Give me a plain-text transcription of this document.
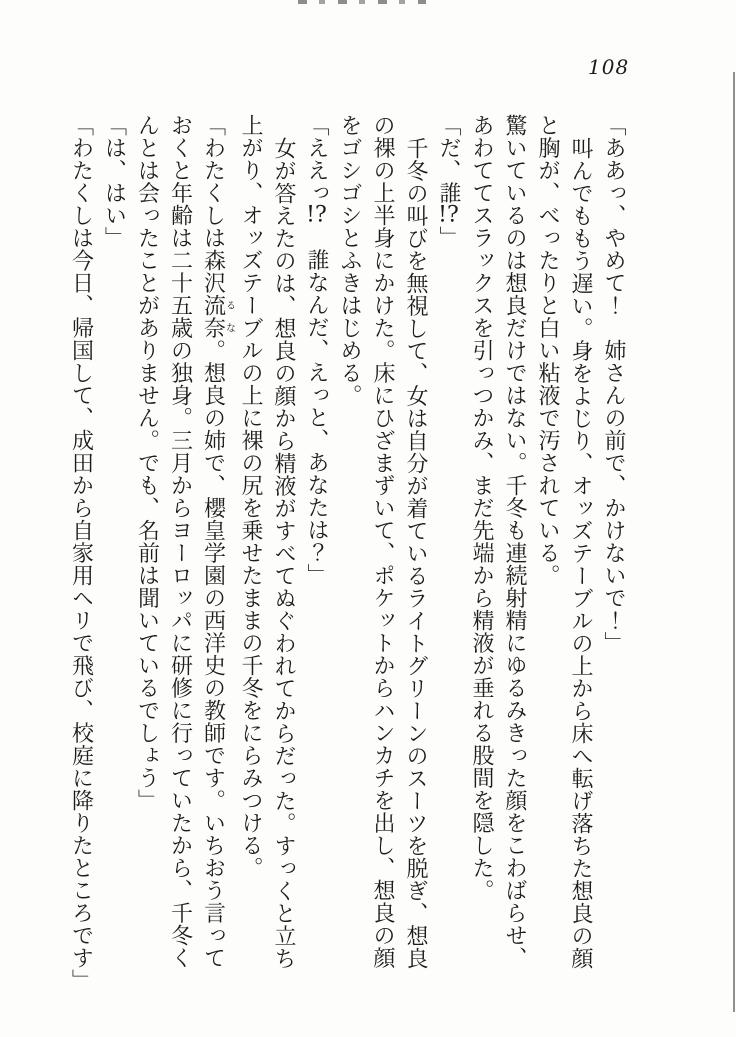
108

「ああっ、やめて！　姉さんの前で、かけないで！」

叫んでももう遅い。身をよじり、オッズテーブルの上から床へ転げ落ちた想良の顔

と胸が、べったりと白い粘液で汚されている。

驚いているのは想良だけではない。千冬も連続射精にゆるみきった顔をこわばらせ、

あわててスラックスを引っつかみ、まだ先端から精液が垂れる股間を隠した。

「だ、誰!?」

千冬の叫びを無視して、女は自分が着ているライトグリーンのスーツを脱ぎ、想良

の裸の上半身にかけた。床にひざまずいて、ポケットからハンカチを出し、想良の顔

をゴシゴシとふきはじめる。

「ええっ!?　誰なんだ、えっと、あなたは？」

女が答えたのは、想良の顔から精液がすべてぬぐわれてからだった。すっくと立ち

上がり、オッズテーブルの上に裸の尻を乗せたままの千冬をにらみつける。

「わたくしは森沢流奈るな。想良の姉で、櫻皇学園の西洋史の教師です。いちおう言って

おくと年齢は二十五歳の独身。三月からヨーロッパに研修に行っていたから、千冬く

んとは会ったことがありません。でも、名前は聞いているでしょう」

「は、はい」

「わたくしは今日、帰国して、成田から自家用ヘリで飛び、校庭に降りたところです」
